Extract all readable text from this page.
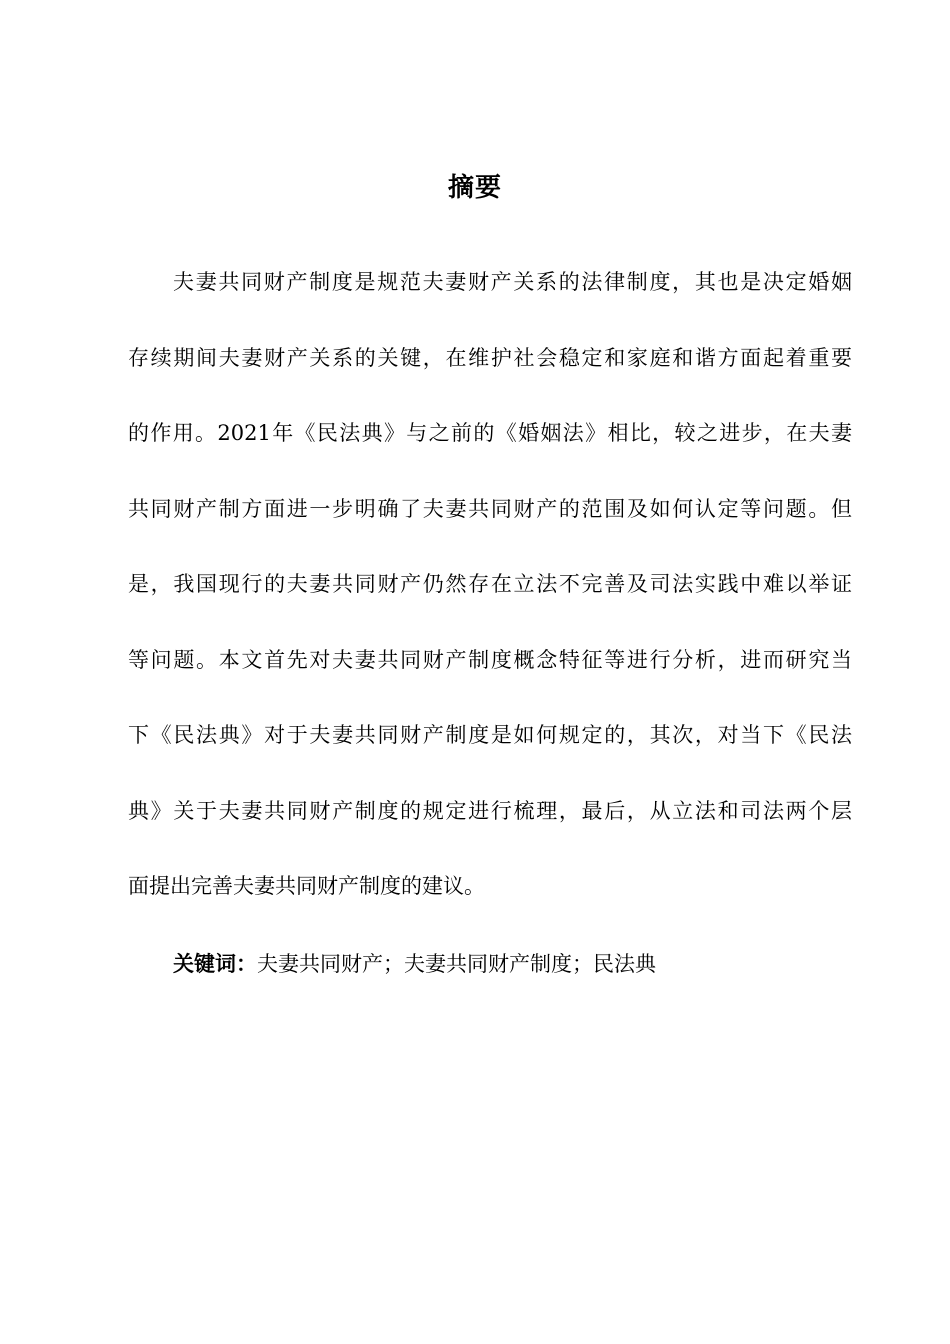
摘要
夫妻共同财产制度是规范夫妻财产关系的法律制度，其也是决定婚姻
存续期间夫妻财产关系的关键，在维护社会稳定和家庭和谐方面起着重要
的作用。2021年《民法典》与之前的《婚姻法》相比，较之进步，在夫妻
共同财产制方面进一步明确了夫妻共同财产的范围及如何认定等问题。但
是，我国现行的夫妻共同财产仍然存在立法不完善及司法实践中难以举证
等问题。本文首先对夫妻共同财产制度概念特征等进行分析，进而研究当
下《民法典》对于夫妻共同财产制度是如何规定的，其次，对当下《民法
典》关于夫妻共同财产制度的规定进行梳理，最后，从立法和司法两个层
面提出完善夫妻共同财产制度的建议。
关键词：夫妻共同财产；夫妻共同财产制度；民法典
